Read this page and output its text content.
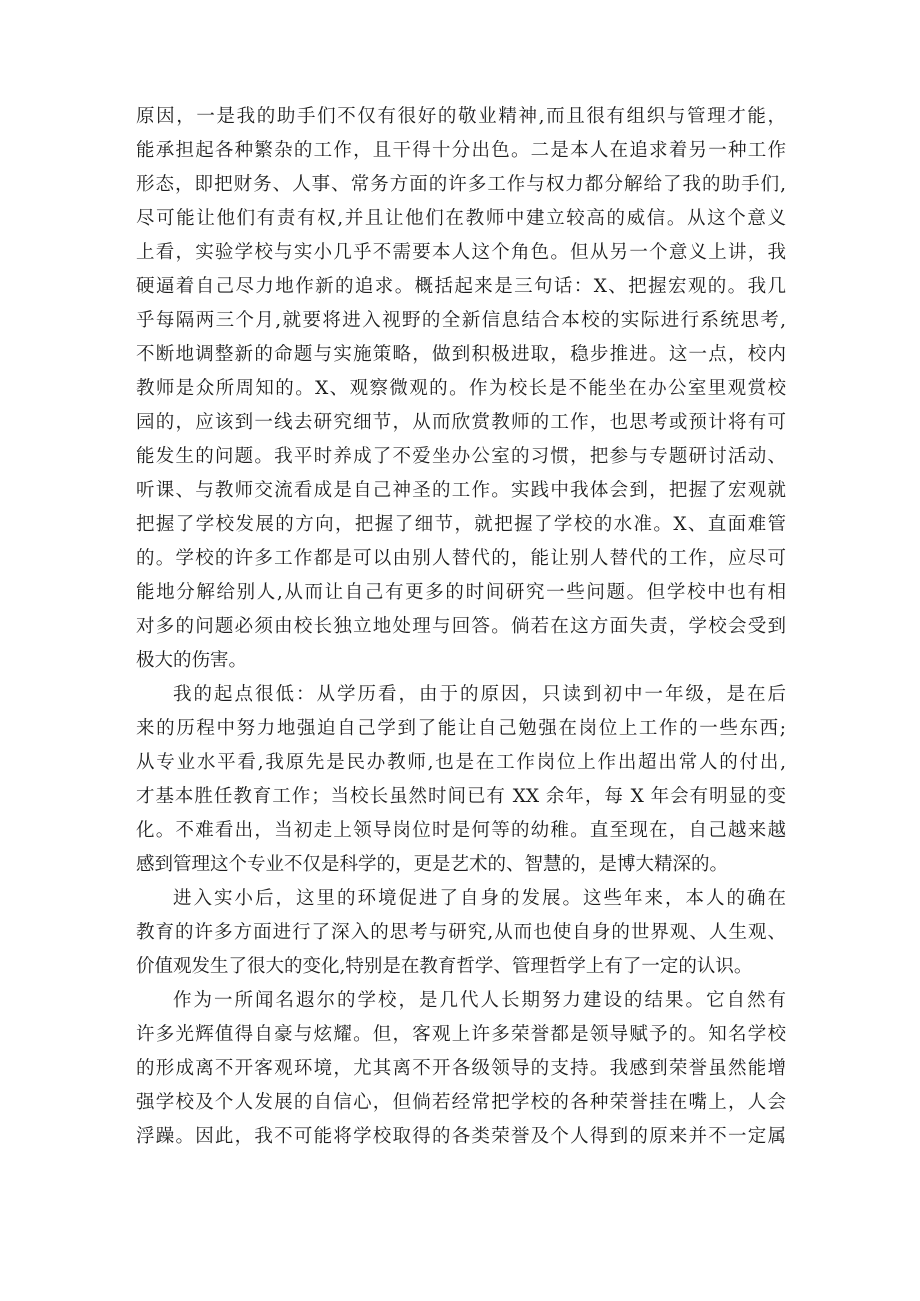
原因，一是我的助手们不仅有很好的敬业精神,而且很有组织与管理才能，
能承担起各种繁杂的工作，且干得十分出色。二是本人在追求着另一种工作
形态，即把财务、人事、常务方面的许多工作与权力都分解给了我的助手们,
尽可能让他们有责有权,并且让他们在教师中建立较高的威信。从这个意义
上看，实验学校与实小几乎不需要本人这个角色。但从另一个意义上讲，我
硬逼着自己尽力地作新的追求。概括起来是三句话：X、把握宏观的。我几
乎每隔两三个月,就要将进入视野的全新信息结合本校的实际进行系统思考,
不断地调整新的命题与实施策略，做到积极进取，稳步推进。这一点，校内
教师是众所周知的。X、观察微观的。作为校长是不能坐在办公室里观赏校
园的，应该到一线去研究细节，从而欣赏教师的工作，也思考或预计将有可
能发生的问题。我平时养成了不爱坐办公室的习惯，把参与专题研讨活动、
听课、与教师交流看成是自己神圣的工作。实践中我体会到，把握了宏观就
把握了学校发展的方向，把握了细节，就把握了学校的水准。X、直面难管
的。学校的许多工作都是可以由别人替代的，能让别人替代的工作，应尽可
能地分解给别人,从而让自己有更多的时间研究一些问题。但学校中也有相
对多的问题必须由校长独立地处理与回答。倘若在这方面失责，学校会受到
极大的伤害。
我的起点很低：从学历看，由于的原因，只读到初中一年级，是在后
来的历程中努力地强迫自己学到了能让自己勉强在岗位上工作的一些东西;
从专业水平看,我原先是民办教师,也是在工作岗位上作出超出常人的付出,
才基本胜任教育工作；当校长虽然时间已有 XX 余年，每 X 年会有明显的变
化。不难看出，当初走上领导岗位时是何等的幼稚。直至现在，自己越来越
感到管理这个专业不仅是科学的，更是艺术的、智慧的，是博大精深的。
进入实小后，这里的环境促进了自身的发展。这些年来，本人的确在
教育的许多方面进行了深入的思考与研究,从而也使自身的世界观、人生观、
价值观发生了很大的变化,特别是在教育哲学、管理哲学上有了一定的认识。
作为一所闻名遐尔的学校，是几代人长期努力建设的结果。它自然有
许多光辉值得自豪与炫耀。但，客观上许多荣誉都是领导赋予的。知名学校
的形成离不开客观环境，尤其离不开各级领导的支持。我感到荣誉虽然能增
强学校及个人发展的自信心，但倘若经常把学校的各种荣誉挂在嘴上，人会
浮躁。因此，我不可能将学校取得的各类荣誉及个人得到的原来并不一定属
